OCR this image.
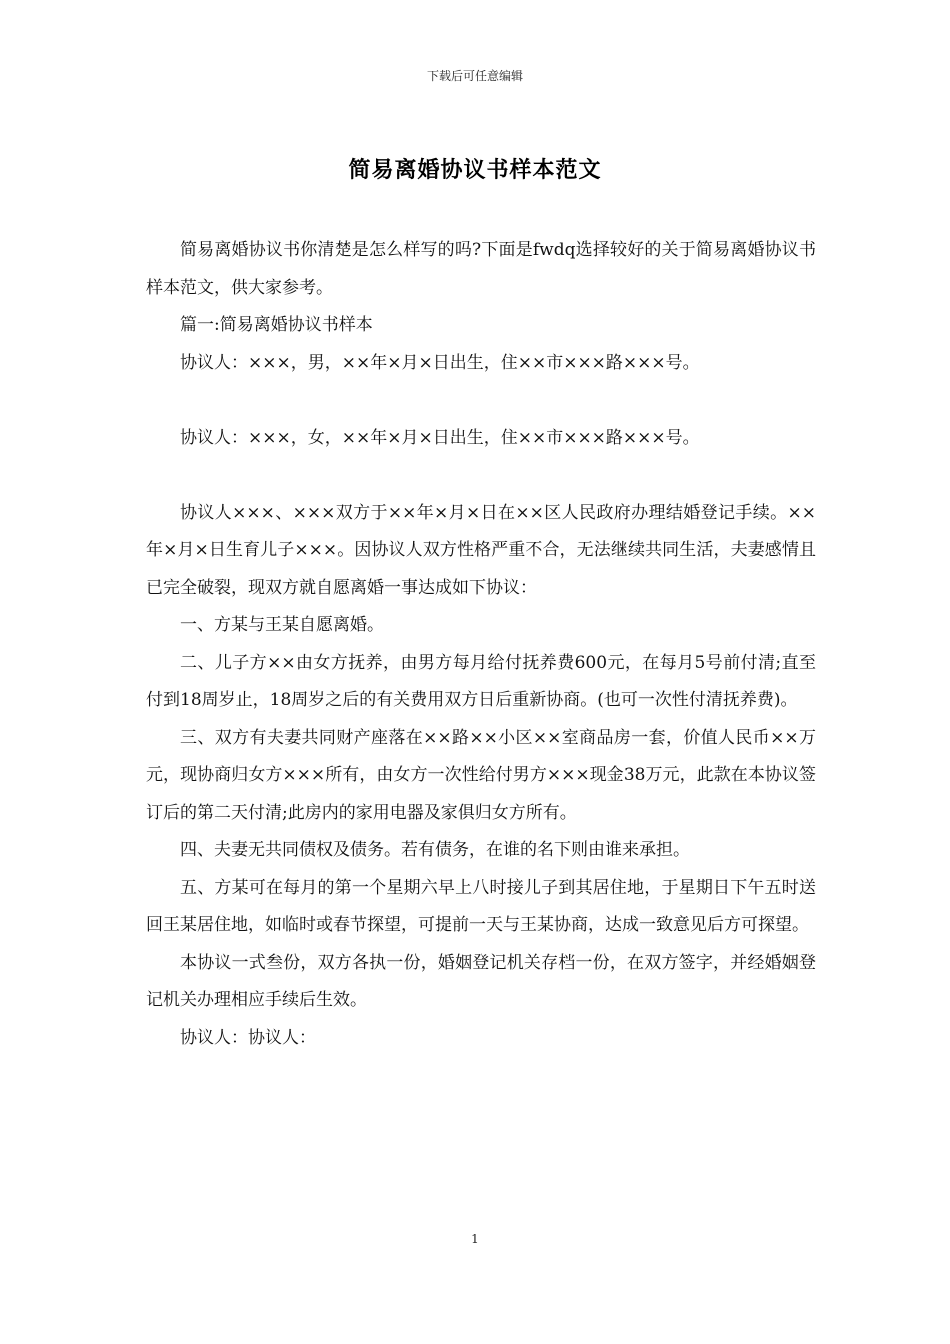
下载后可任意编辑
简易离婚协议书样本范文

简易离婚协议书你清楚是怎么样写的吗?下面是fwdq选择较好的关于简易离婚协议书样本范文，供大家参考。

篇一:简易离婚协议书样本

协议人：×××，男，××年×月×日出生，住××市×××路×××号。

协议人：×××，女，××年×月×日出生，住××市×××路×××号。

协议人×××、×××双方于××年×月×日在××区人民政府办理结婚登记手续。××年×月×日生育儿子×××。因协议人双方性格严重不合，无法继续共同生活，夫妻感情且已完全破裂，现双方就自愿离婚一事达成如下协议：

一、方某与王某自愿离婚。

二、儿子方××由女方抚养，由男方每月给付抚养费600元，在每月5号前付清;直至付到18周岁止，18周岁之后的有关费用双方日后重新协商。(也可一次性付清抚养费)。

三、双方有夫妻共同财产座落在××路××小区××室商品房一套，价值人民币××万元，现协商归女方×××所有，由女方一次性给付男方×××现金38万元，此款在本协议签订后的第二天付清;此房内的家用电器及家俱归女方所有。

四、夫妻无共同债权及债务。若有债务，在谁的名下则由谁来承担。

五、方某可在每月的第一个星期六早上八时接儿子到其居住地，于星期日下午五时送回王某居住地，如临时或春节探望，可提前一天与王某协商，达成一致意见后方可探望。

本协议一式叁份，双方各执一份，婚姻登记机关存档一份，在双方签字，并经婚姻登记机关办理相应手续后生效。

协议人：协议人：

1
